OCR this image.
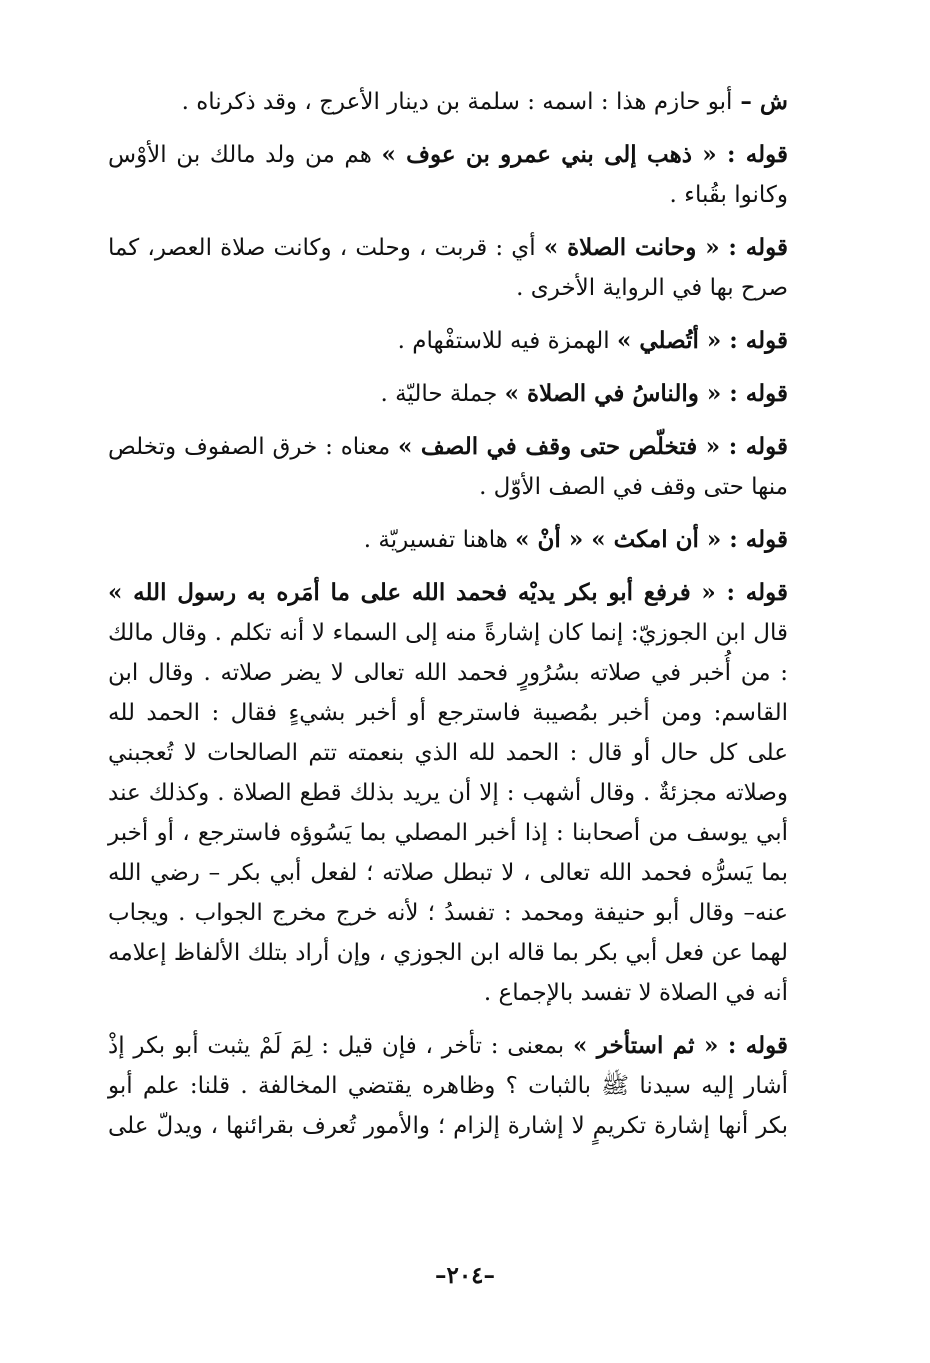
ش – أبو حازم هذا : اسمه : سلمة بن دينار الأعرج ، وقد ذكرناه .

قوله : « ذهب إلى بني عمرو بن عوف » هم من ولد مالك بن الأوْس وكانوا بقُباء .

قوله : « وحانت الصلاة » أي : قربت ، وحلت ، وكانت صلاة العصر، كما صرح بها في الرواية الأخرى .

قوله : « أتُصلي » الهمزة فيه للاستفْهام .

قوله : « والناسُ في الصلاة » جملة حاليّة .

قوله : « فتخلّص حتى وقف في الصف » معناه : خرق الصفوف وتخلص منها حتى وقف في الصف الأوّل .

قوله : « أن امكث » « أنْ » هاهنا تفسيريّة .

قوله : « فرفع أبو بكر يديْه فحمد الله على ما أمَره به رسول الله » قال ابن الجوزيّ: إنما كان إشارةً منه إلى السماء لا أنه تكلم . وقال مالك : من أُخبر في صلاته بسُرُورٍ فحمد الله تعالى لا يضر صلاته . وقال ابن القاسم: ومن أخبر بمُصيبة فاسترجع أو أخبر بشيءٍ فقال : الحمد لله على كل حال أو قال : الحمد لله الذي بنعمته تتم الصالحات لا تُعجبني وصلاته مجزئةٌ . وقال أشهب : إلا أن يريد بذلك قطع الصلاة . وكذلك عند أبي يوسف من أصحابنا : إذا أخبر المصلي بما يَسُوؤه فاسترجع ، أو أخبر بما يَسرُّه فحمد الله تعالى ، لا تبطل صلاته ؛ لفعل أبي بكر – رضي الله عنه– وقال أبو حنيفة ومحمد : تفسدُ ؛ لأنه خرج مخرج الجواب . ويجاب لهما عن فعل أبي بكر بما قاله ابن الجوزي ، وإن أراد بتلك الألفاظ إعلامه أنه في الصلاة لا تفسد بالإجماع .

قوله : « ثم استأخر » بمعنى : تأخر ، فإن قيل : لِمَ لَمْ يثبت أبو بكر إذْ أشار إليه سيدنا ﷺ بالثبات ؟ وظاهره يقتضي المخالفة . قلنا: علم أبو بكر أنها إشارة تكريمٍ لا إشارة إلزام ؛ والأمور تُعرف بقرائنها ، ويدلّ على

–٢٠٤–
